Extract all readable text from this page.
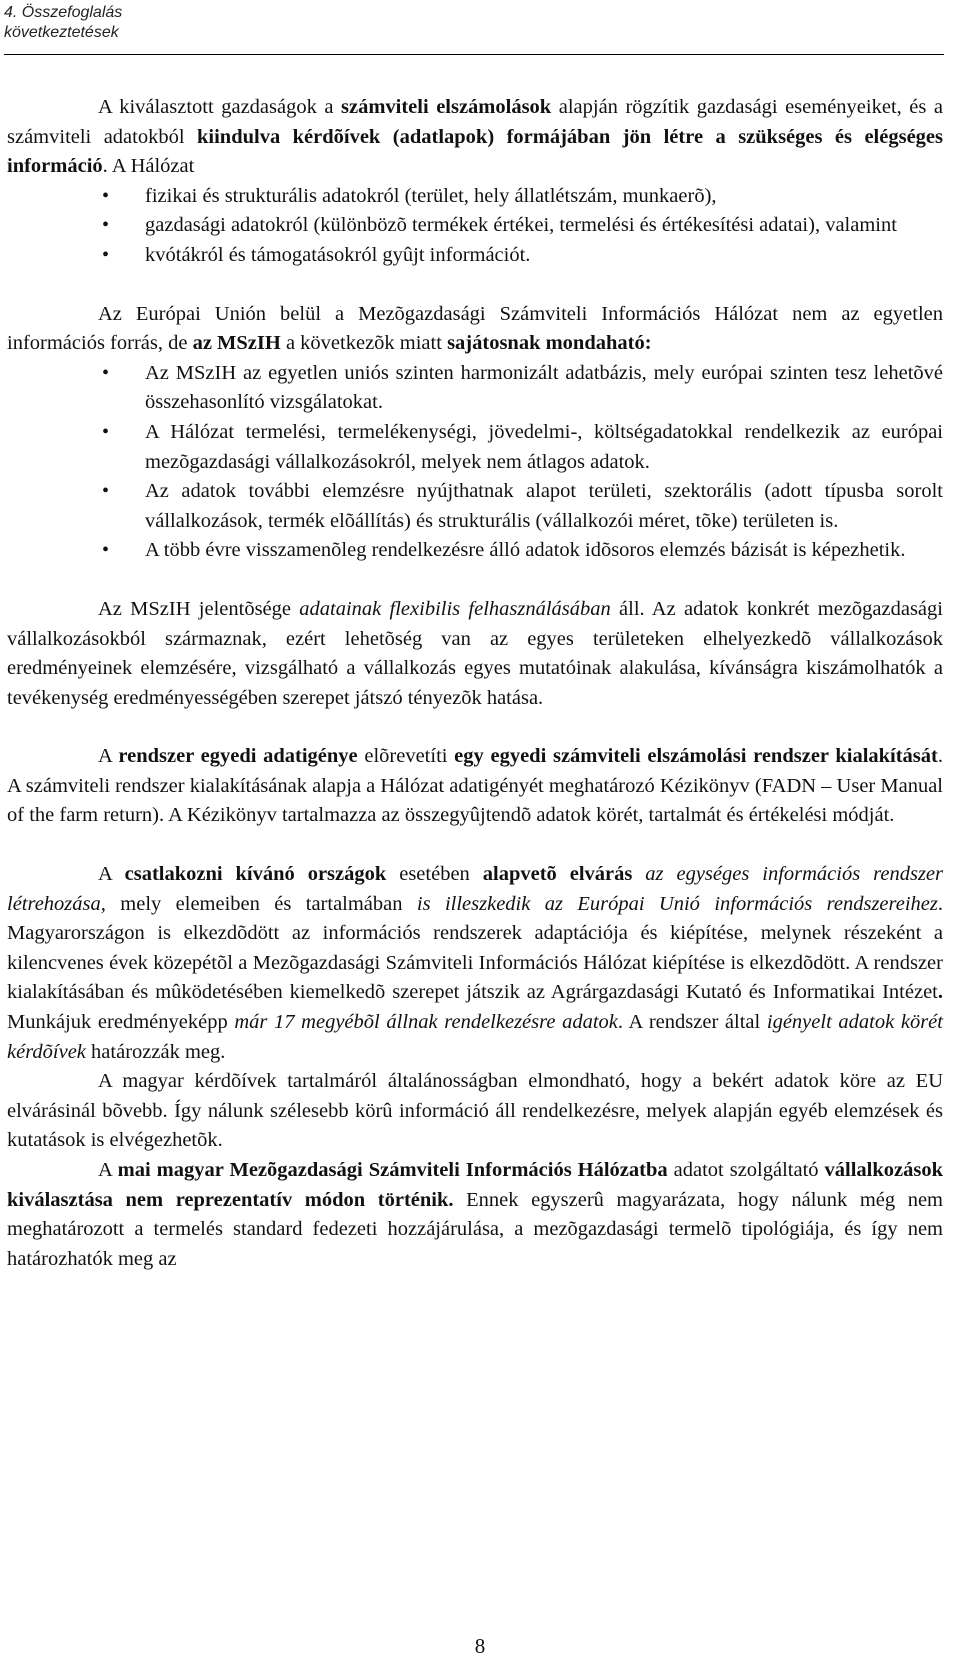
4. Összefoglalás
következtetések

A kiválasztott gazdaságok a számviteli elszámolások alapján rögzítik gazdasági eseményeiket, és a számviteli adatokból kiindulva kérdõívek (adatlapok) formájában jön létre a szükséges és elégséges információ. A Hálózat

• fizikai és strukturális adatokról (terület, hely állatlétszám, munkaerõ),
• gazdasági adatokról (különbözõ termékek értékei, termelési és értékesítési adatai), valamint
• kvótákról és támogatásokról gyûjt információt.

Az Európai Unión belül a Mezõgazdasági Számviteli Információs Hálózat nem az egyetlen információs forrás, de az MSzIH a következõk miatt sajátosnak mondaható:

• Az MSzIH az egyetlen uniós szinten harmonizált adatbázis, mely európai szinten tesz lehetõvé összehasonlító vizsgálatokat.
• A Hálózat termelési, termelékenységi, jövedelmi-, költségadatokkal rendelkezik az európai mezõgazdasági vállalkozásokról, melyek nem átlagos adatok.
• Az adatok további elemzésre nyújthatnak alapot területi, szektorális (adott típusba sorolt vállalkozások, termék elõállítás) és strukturális (vállalkozói méret, tõke) területen is.
• A több évre visszamenõleg rendelkezésre álló adatok idõsoros elemzés bázisát is képezhetik.

Az MSzIH jelentõsége adatainak flexibilis felhasználásában áll. Az adatok konkrét mezõgazdasági vállalkozásokból származnak, ezért lehetõség van az egyes területeken elhelyezkedõ vállalkozások eredményeinek elemzésére, vizsgálható a vállalkozás egyes mutatóinak alakulása, kívánságra kiszámolhatók a tevékenység eredményességében szerepet játszó tényezõk hatása.

A rendszer egyedi adatigénye elõrevetíti egy egyedi számviteli elszámolási rendszer kialakítását. A számviteli rendszer kialakításának alapja a Hálózat adatigényét meghatározó Kézikönyv (FADN – User Manual of the farm return). A Kézikönyv tartalmazza az összegyûjtendõ adatok körét, tartalmát és értékelési módját.

A csatlakozni kívánó országok esetében alapvetõ elvárás az egységes információs rendszer létrehozása, mely elemeiben és tartalmában is illeszkedik az Európai Unió információs rendszereihez. Magyarországon is elkezdõdött az információs rendszerek adaptációja és kiépítése, melynek részeként a kilencvenes évek közepétõl a Mezõgazdasági Számviteli Információs Hálózat kiépítése is elkezdõdött. A rendszer kialakításában és mûködetésében kiemelkedõ szerepet játszik az Agrárgazdasági Kutató és Informatikai Intézet. Munkájuk eredményeképp már 17 megyébõl állnak rendelkezésre adatok. A rendszer által igényelt adatok körét kérdõívek határozzák meg.

A magyar kérdõívek tartalmáról általánosságban elmondható, hogy a bekért adatok köre az EU elvárásinál bõvebb. Így nálunk szélesebb körû információ áll rendelkezésre, melyek alapján egyéb elemzések és kutatások is elvégezhetõk.

A mai magyar Mezõgazdasági Számviteli Információs Hálózatba adatot szolgáltató vállalkozások kiválasztása nem reprezentatív módon történik. Ennek egyszerû magyarázata, hogy nálunk még nem meghatározott a termelés standard fedezeti hozzájárulása, a mezõgazdasági termelõ tipológiája, és így nem határozhatók meg az

8
